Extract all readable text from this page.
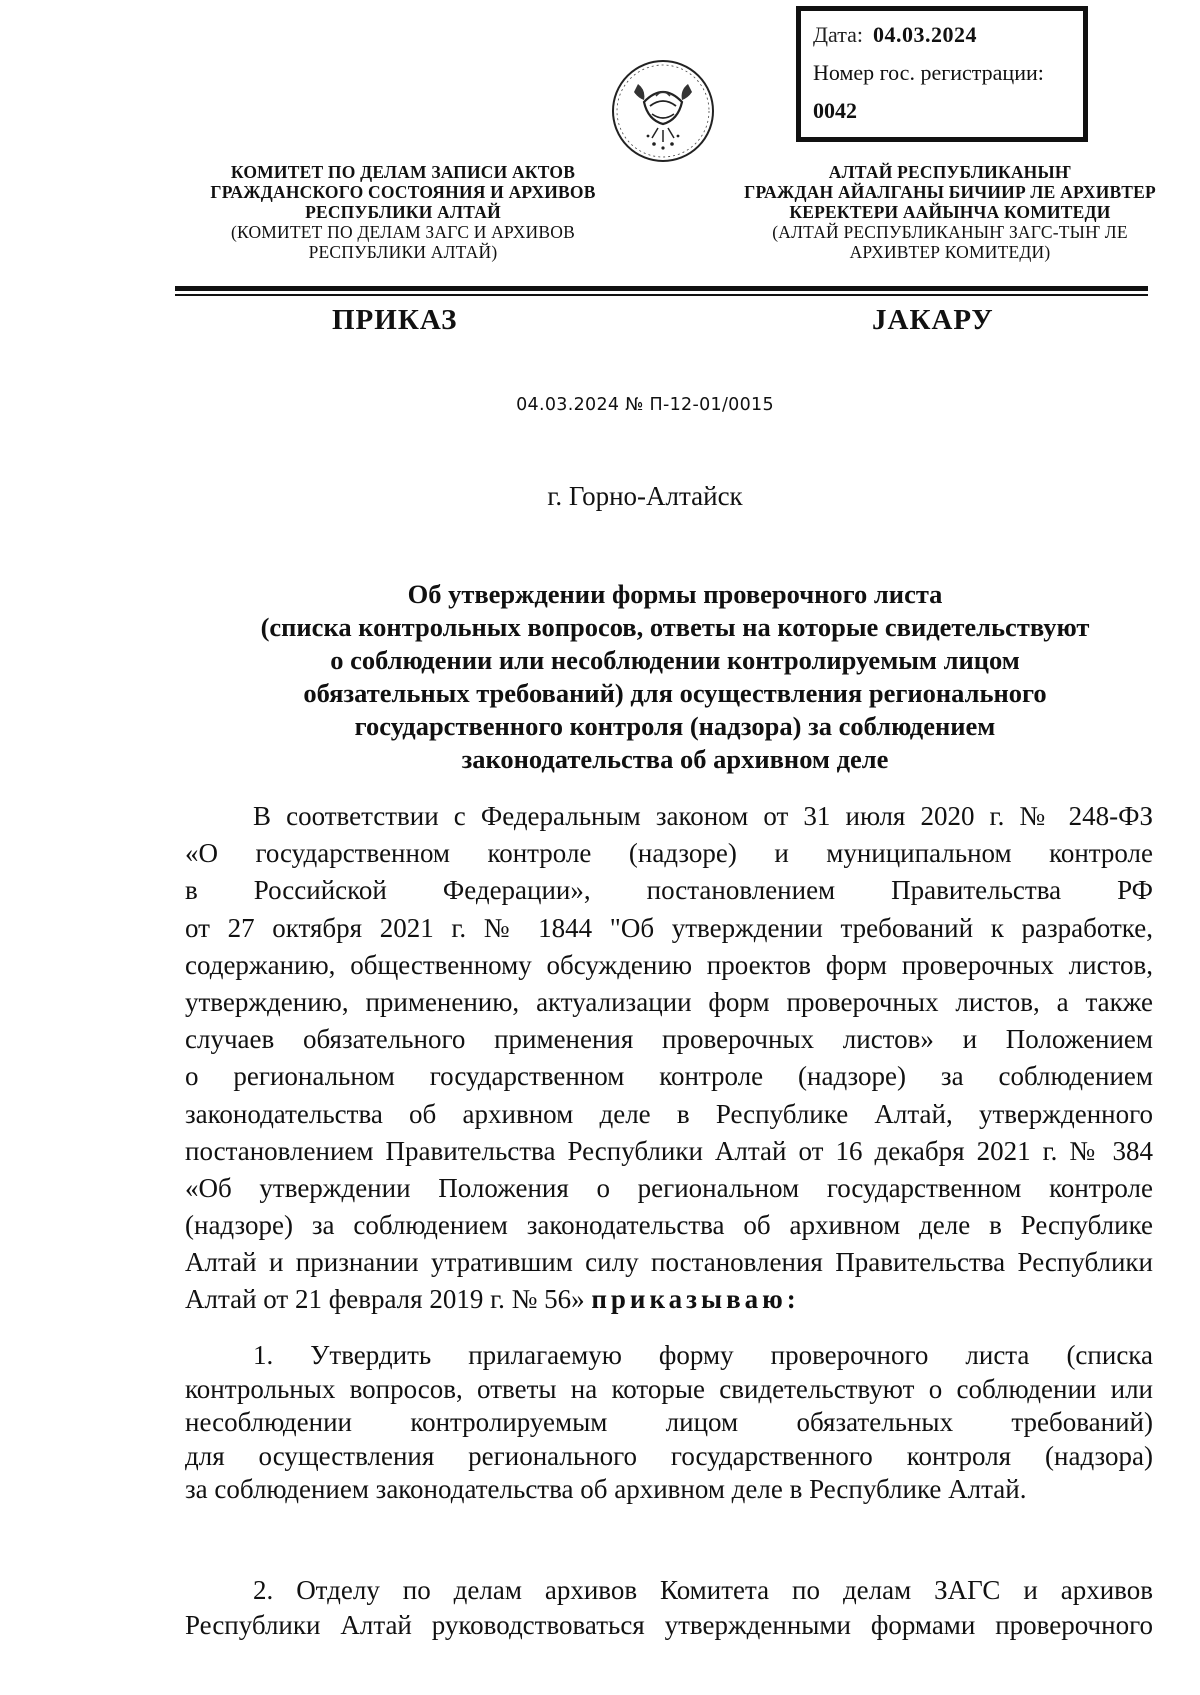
Дата: 04.03.2024
Номер гос. регистрации:
0042
КОМИТЕТ ПО ДЕЛАМ ЗАПИСИ АКТОВ
ГРАЖДАНСКОГО СОСТОЯНИЯ И АРХИВОВ
РЕСПУБЛИКИ АЛТАЙ
(КОМИТЕТ ПО ДЕЛАМ ЗАГС И АРХИВОВ
РЕСПУБЛИКИ АЛТАЙ)
АЛТАЙ РЕСПУБЛИКАНЫҤ
ГРАЖДАН АЙАЛГАНЫ БИЧИИР ЛЕ АРХИВТЕР
КЕРЕКТЕРИ ААЙЫНЧА КОМИТЕДИ
(АЛТАЙ РЕСПУБЛИКАНЫҤ ЗАГС-ТЫҤ ЛЕ
АРХИВТЕР КОМИТЕДИ)
ПРИКАЗ	JАКАРУ
04.03.2024 № П-12-01/0015
г. Горно-Алтайск
Об утверждении формы проверочного листа
(списка контрольных вопросов, ответы на которые свидетельствуют
о соблюдении или несоблюдении контролируемым лицом
обязательных требований) для осуществления регионального
государственного контроля (надзора) за соблюдением
законодательства об архивном деле
В соответствии с Федеральным законом от 31 июля 2020 г. № 248-ФЗ
«О государственном контроле (надзоре) и муниципальном контроле
в Российской Федерации», постановлением Правительства РФ
от 27 октября 2021 г. № 1844 "Об утверждении требований к разработке,
содержанию, общественному обсуждению проектов форм проверочных листов,
утверждению, применению, актуализации форм проверочных листов, а также
случаев обязательного применения проверочных листов» и Положением
о региональном государственном контроле (надзоре) за соблюдением
законодательства об архивном деле в Республике Алтай, утвержденного
постановлением Правительства Республики Алтай от 16 декабря 2021 г. № 384
«Об утверждении Положения о региональном государственном контроле
(надзоре) за соблюдением законодательства об архивном деле в Республике
Алтай и признании утратившим силу постановления Правительства Республики
Алтай от 21 февраля 2019 г. № 56» приказываю:
1. Утвердить прилагаемую форму проверочного листа (списка
контрольных вопросов, ответы на которые свидетельствуют о соблюдении или
несоблюдении контролируемым лицом обязательных требований)
для осуществления регионального государственного контроля (надзора)
за соблюдением законодательства об архивном деле в Республике Алтай.
2. Отделу по делам архивов Комитета по делам ЗАГС и архивов
Республики Алтай руководствоваться утвержденными формами проверочного
